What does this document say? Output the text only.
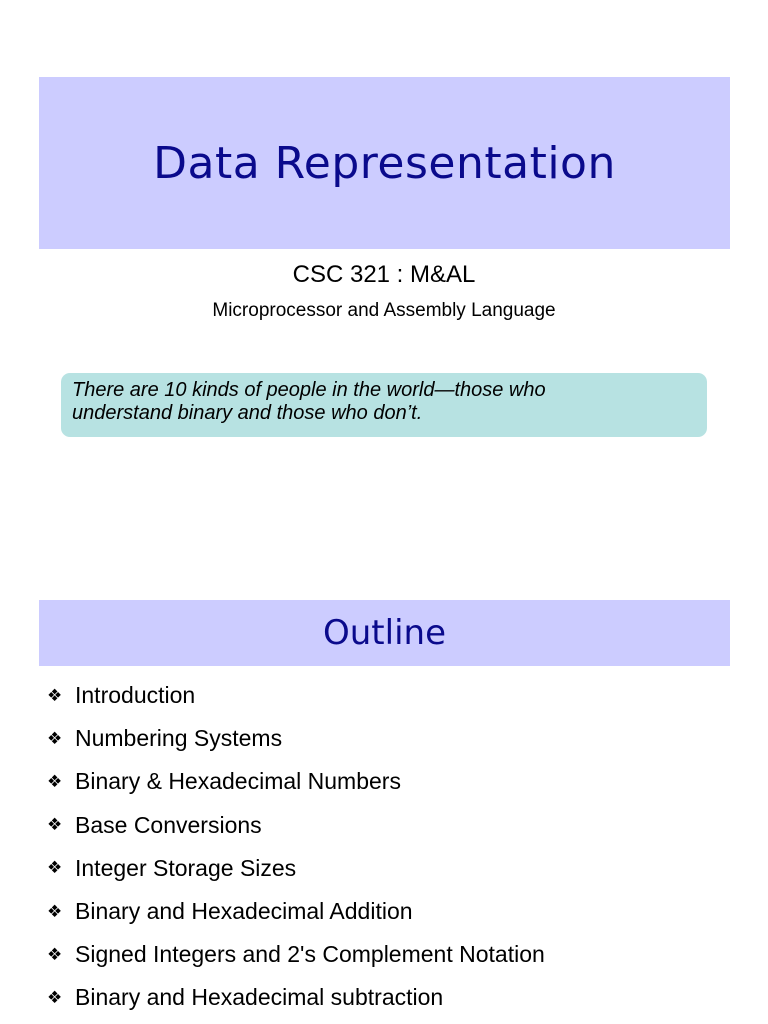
Data Representation
CSC 321 : M&AL
Microprocessor and Assembly Language
There are 10 kinds of people in the world—those who
understand binary and those who don’t.
Outline
❖ Introduction
❖ Numbering Systems
❖ Binary & Hexadecimal Numbers
❖ Base Conversions
❖ Integer Storage Sizes
❖ Binary and Hexadecimal Addition
❖ Signed Integers and 2's Complement Notation
❖ Binary and Hexadecimal subtraction
